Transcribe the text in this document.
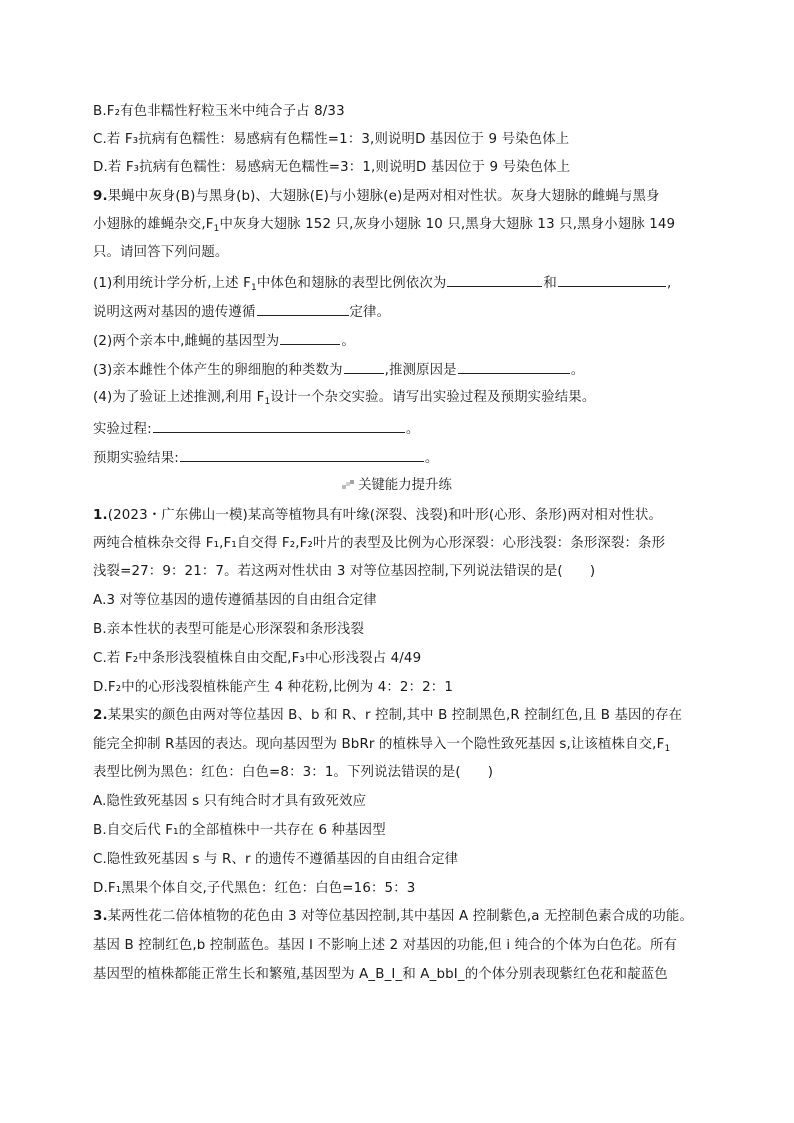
B.F₂有色非糯性籽粒玉米中纯合子占 8/33
C.若 F₃抗病有色糯性：易感病有色糯性=1：3,则说明D 基因位于 9 号染色体上
D.若 F₃抗病有色糯性：易感病无色糯性=3：1,则说明D 基因位于 9 号染色体上
9.果蝇中灰身(B)与黑身(b)、大翅脉(E)与小翅脉(e)是两对相对性状。灰身大翅脉的雌蝇与黑身
小翅脉的雄蝇杂交$,F_1$中灰身大翅脉 152 只,灰身小翅脉 10 只,黑身大翅脉 13 只,黑身小翅脉 149
只。请回答下列问题。
(1)利用统计学分析,上述 $F_1$中体色和翅脉的表型比例依次为	和	,
说明这两对基因的遗传遵循	定律。
(2)两个亲本中,雌蝇的基因型为	。
(3)亲本雌性个体产生的卵细胞的种类数为	,推测原因是	。
(4)为了验证上述推测,利用 $F_1$设计一个杂交实验。请写出实验过程及预期实验结果。
实验过程:	。
预期实验结果:	。
关键能力提升练
1.(2023・广东佛山一模)某高等植物具有叶缘(深裂、浅裂)和叶形(心形、条形)两对相对性状。
两纯合植株杂交得 F₁,F₁自交得 F₂,F₂叶片的表型及比例为心形深裂：心形浅裂：条形深裂：条形
浅裂=27：9：21：7。若这两对性状由 3 对等位基因控制,下列说法错误的是(　　)
A.3 对等位基因的遗传遵循基因的自由组合定律
B.亲本性状的表型可能是心形深裂和条形浅裂
C.若 F₂中条形浅裂植株自由交配,F₃中心形浅裂占 4/49
D.F₂中的心形浅裂植株能产生 4 种花粉,比例为 4：2：2：1
2.某果实的颜色由两对等位基因 B、b 和 R、r 控制,其中 B 控制黑色,R 控制红色,且 B 基因的存在
能完全抑制 R基因的表达。现向基因型为 BbRr 的植株导入一个隐性致死基因 s,让该植株自交$,F_1$
表型比例为黑色：红色：白色=8：3：1。下列说法错误的是(　　)
A.隐性致死基因 s 只有纯合时才具有致死效应
B.自交后代 F₁的全部植株中一共存在 6 种基因型
C.隐性致死基因 s 与 R、r 的遗传不遵循基因的自由组合定律
D.F₁黑果个体自交,子代黑色：红色：白色=16：5：3
3.某两性花二倍体植物的花色由 3 对等位基因控制,其中基因 A 控制紫色,a 无控制色素合成的功能。
基因 B 控制红色,b 控制蓝色。基因 I 不影响上述 2 对基因的功能,但 i 纯合的个体为白色花。所有
基因型的植株都能正常生长和繁殖,基因型为 A_B_I_和 A_bbI_的个体分别表现紫红色花和靛蓝色
